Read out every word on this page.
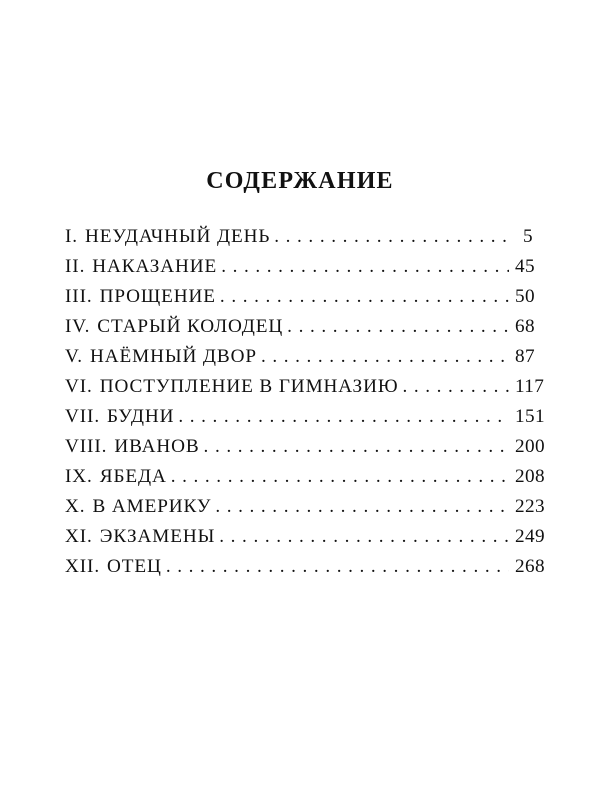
СОДЕРЖАНИЕ
I. НЕУДАЧНЫЙ ДЕНЬ . . .	5
II. НАКАЗАНИЕ . . .	45
III. ПРОЩЕНИЕ . . .	50
IV. СТАРЫЙ КОЛОДЕЦ . . .	68
V. НАЁМНЫЙ ДВОР . . .	87
VI. ПОСТУПЛЕНИЕ В ГИМНАЗИЮ . . .	117
VII. БУДНИ . . .	151
VIII. ИВАНОВ . . .	200
IX. ЯБЕДА . . .	208
X. В АМЕРИКУ . . .	223
XI. ЭКЗАМЕНЫ . . .	249
XII. ОТЕЦ . . .	268
